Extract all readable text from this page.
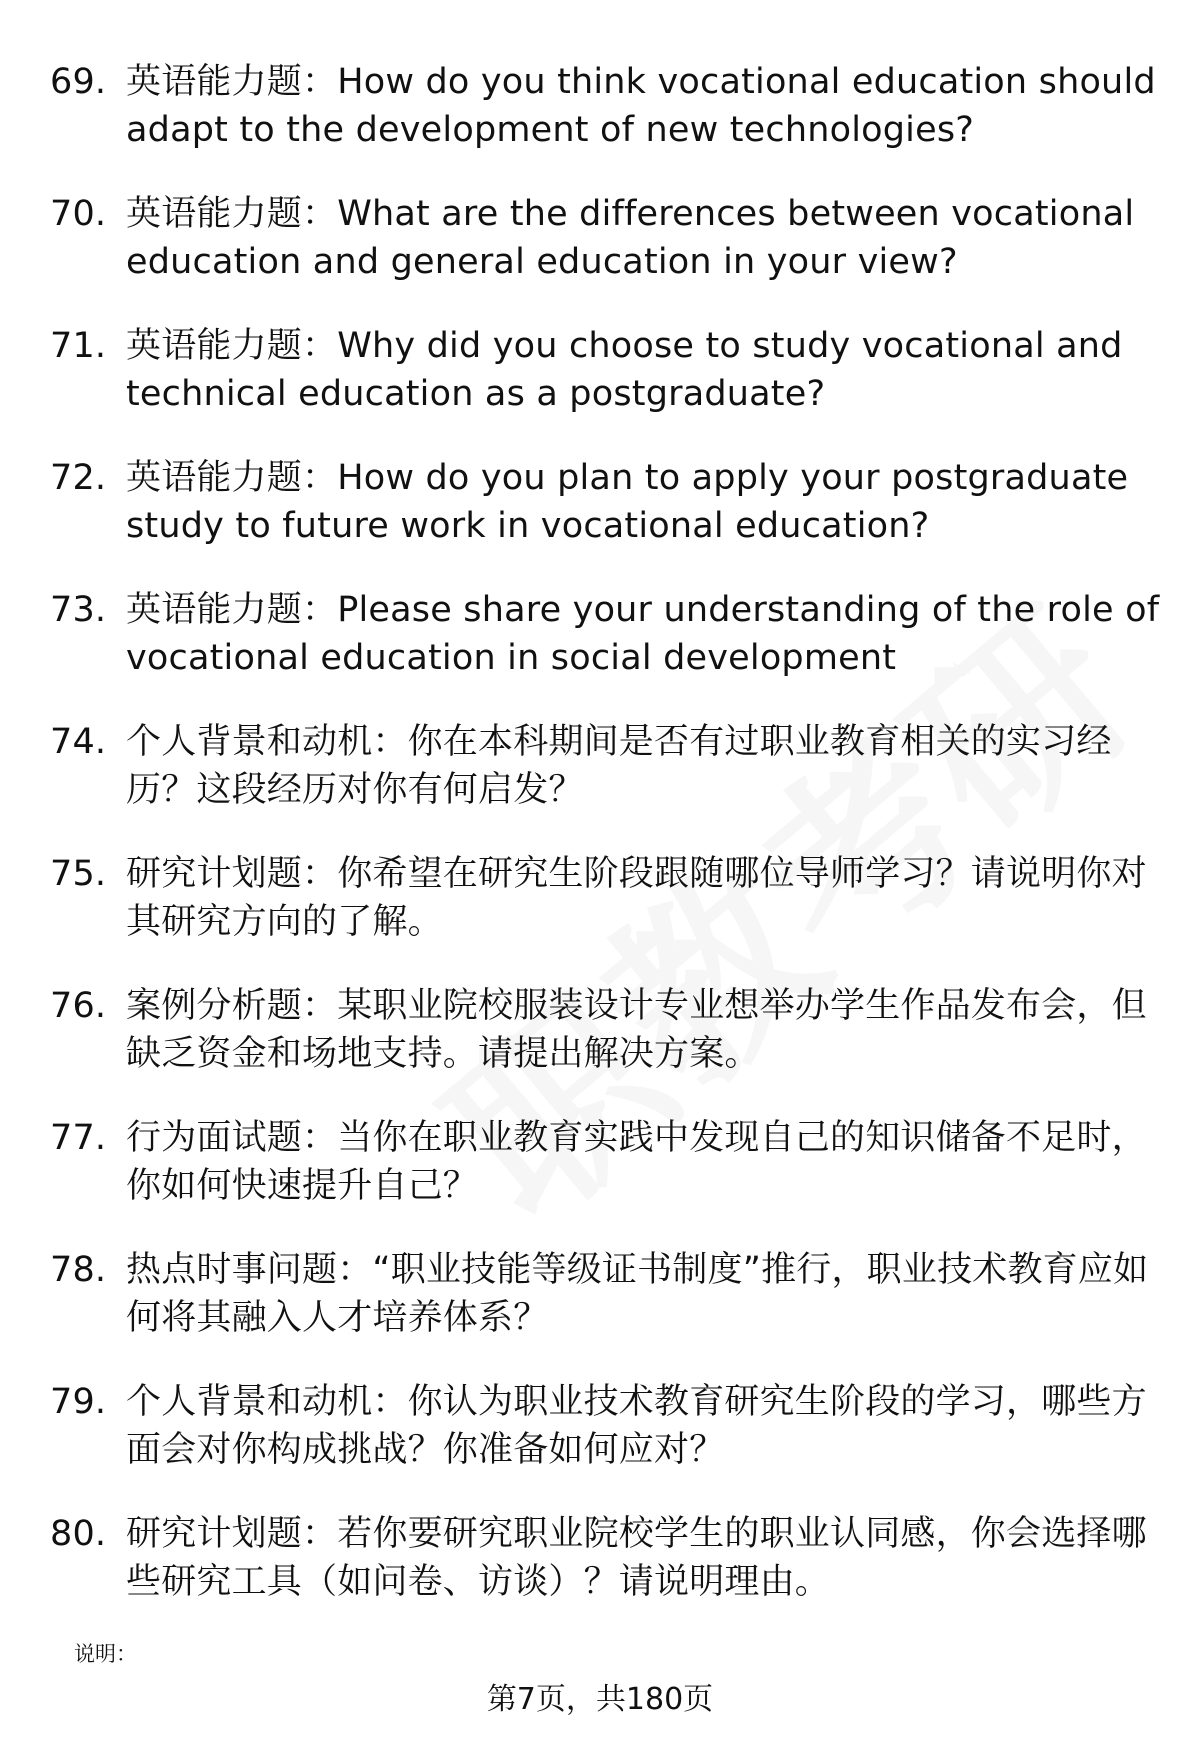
69. 英语能力题：How do you think vocational education should adapt to the development of new technologies?
70. 英语能力题：What are the differences between vocational education and general education in your view?
71. 英语能力题：Why did you choose to study vocational and technical education as a postgraduate?
72. 英语能力题：How do you plan to apply your postgraduate study to future work in vocational education?
73. 英语能力题：Please share your understanding of the role of vocational education in social development
74. 个人背景和动机：你在本科期间是否有过职业教育相关的实习经历？这段经历对你有何启发？
75. 研究计划题：你希望在研究生阶段跟随哪位导师学习？请说明你对其研究方向的了解。
76. 案例分析题：某职业院校服装设计专业想举办学生作品发布会，但缺乏资金和场地支持。请提出解决方案。
77. 行为面试题：当你在职业教育实践中发现自己的知识储备不足时，你如何快速提升自己？
78. 热点时事问题：“职业技能等级证书制度”推行，职业技术教育应如何将其融入人才培养体系？
79. 个人背景和动机：你认为职业技术教育研究生阶段的学习，哪些方面会对你构成挑战？你准备如何应对？
80. 研究计划题：若你要研究职业院校学生的职业认同感，你会选择哪些研究工具（如问卷、访谈）？请说明理由。
说明：
第7页，共180页
